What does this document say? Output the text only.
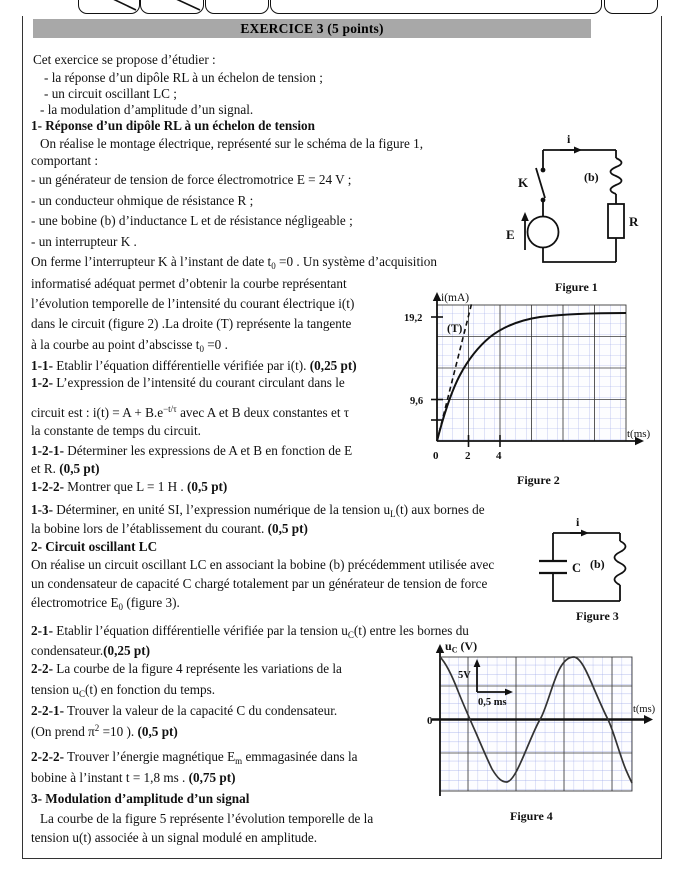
EXERCICE 3 (5 points)
Cet exercice se propose d’étudier :
- la réponse d’un dipôle RL à un échelon de tension ;
- un circuit oscillant LC ;
- la modulation d’amplitude d’un signal.
1- Réponse d’un dipôle RL à un échelon de tension
On réalise le montage électrique, représenté sur le schéma de la figure 1,
comportant :
- un générateur de tension de force électromotrice E = 24 V ;
- un conducteur ohmique de résistance R ;
- une bobine (b) d’inductance L et de résistance négligeable ;
- un interrupteur K .
On ferme l’interrupteur K à l’instant de date $t_0 =0$ . Un système d’acquisition
informatisé adéquat permet d’obtenir la courbe représentant
l’évolution temporelle de l’intensité du courant électrique i(t)
dans le circuit (figure 2) .La droite (T) représente la tangente
à la courbe au point d’abscisse $t_0 =0$ .
1-1- Etablir l’équation différentielle vérifiée par i(t). (0,25 pt)
1-2- L’expression de l’intensité du courant circulant dans le
circuit est : $i(t) = A + B.e^{-t/\tau}$ avec A et B deux constantes et τ
la constante de temps du circuit.
1-2-1- Déterminer les expressions de A et B en fonction de E
et R. (0,5 pt)
1-2-2- Montrer que L = 1 H . (0,5 pt)
1-3- Déterminer, en unité SI, l’expression numérique de la tension $u_L(t)$ aux bornes de
la bobine lors de l’établissement du courant. (0,5 pt)
2- Circuit oscillant LC
On réalise un circuit oscillant LC en associant la bobine (b) précédemment utilisée avec
un condensateur de capacité C chargé totalement par un générateur de tension de force
électromotrice $E_0$ (figure 3).
2-1- Etablir l’équation différentielle vérifiée par la tension $u_C(t)$ entre les bornes du
condensateur.(0,25 pt)
2-2- La courbe de la figure 4 représente les variations de la
tension $u_C(t)$ en fonction du temps.
2-2-1- Trouver la valeur de la capacité C du condensateur.
(On prend $\pi^2 =10$ ). (0,5 pt)
2-2-2- Trouver l’énergie magnétique $E_m$ emmagasinée dans la
bobine à l’instant t = 1,8 ms . (0,75 pt)
3- Modulation d’amplitude d’un signal
La courbe de la figure 5 représente l’évolution temporelle de la
tension u(t) associée à un signal modulé en amplitude.
i
K	(b)
R
E
Figure 1
i(mA)
t(ms)
(T)
19,2
9,6
0 2 4
Figure 2
i
C (b)
Figure 3
$u_C$ (V)
t(ms)
0
5V
0,5 ms
Figure 4
